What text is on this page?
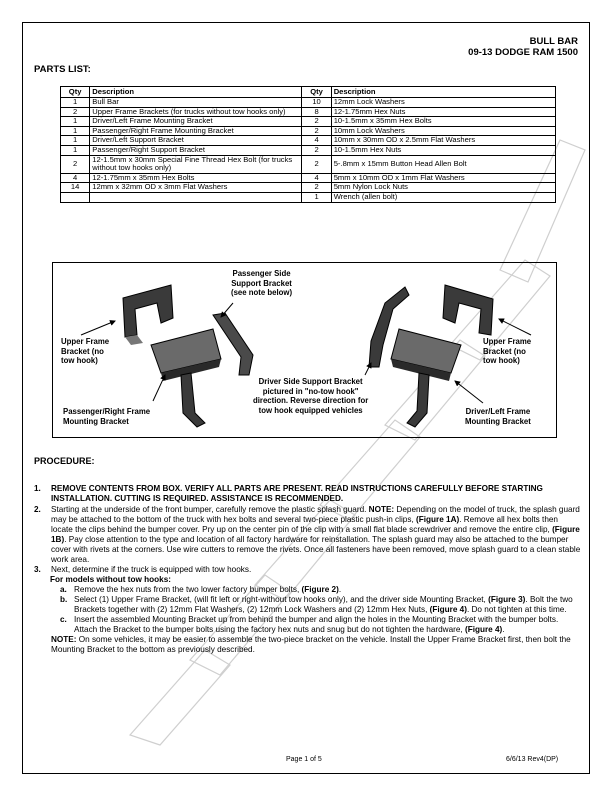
BULL BAR
09-13 DODGE RAM 1500
PARTS LIST:
Qty	Description	Qty	Description
1	Bull Bar	10	12mm Lock Washers
2	Upper Frame Brackets (for trucks without tow hooks only)	8	12-1.75mm Hex Nuts
1	Driver/Left Frame Mounting Bracket	2	10-1.5mm x 35mm Hex Bolts
1	Passenger/Right Frame Mounting Bracket	2	10mm Lock Washers
1	Driver/Left Support Bracket	4	10mm x 30mm OD x 2.5mm Flat Washers
1	Passenger/Right Support Bracket	2	10-1.5mm Hex Nuts
2	12-1.5mm x 30mm Special Fine Thread Hex Bolt (for trucks without tow hooks only)	2	5-.8mm x 15mm Button Head Allen Bolt
4	12-1.75mm x 35mm Hex Bolts	4	5mm x 10mm OD x 1mm Flat Washers
14	12mm x 32mm OD x 3mm Flat Washers	2	5mm Nylon Lock Nuts
		1	Wrench (allen bolt)
Passenger Side
Support Bracket
(see note below)
Upper Frame
Bracket (no
tow hook)
Upper Frame
Bracket (no
tow hook)
Driver Side Support Bracket
pictured in "no-tow hook"
direction. Reverse direction for
tow hook equipped vehicles
Passenger/Right Frame
Mounting Bracket
Driver/Left Frame
Mounting Bracket
PROCEDURE:
1. REMOVE CONTENTS FROM BOX. VERIFY ALL PARTS ARE PRESENT. READ INSTRUCTIONS CAREFULLY BEFORE STARTING INSTALLATION. CUTTING IS REQUIRED. ASSISTANCE IS RECOMMENDED.
2. Starting at the underside of the front bumper, carefully remove the plastic splash guard. NOTE: Depending on the model of truck, the splash guard may be attached to the bottom of the truck with hex bolts and several two-piece plastic push-in clips, (Figure 1A). Remove all hex bolts then locate the clips behind the bumper cover. Pry up on the center pin of the clip with a small flat blade screwdriver and remove the entire clip, (Figure 1B). Pay close attention to the type and location of all factory hardware for reinstallation. The splash guard may also be attached to the bumper cover with rivets at the corners. Use wire cutters to remove the rivets. Once all fasteners have been removed, move splash guard to a clean stable work area.
3. Next, determine if the truck is equipped with tow hooks.
For models without tow hooks:
a. Remove the hex nuts from the two lower factory bumper bolts, (Figure 2).
b. Select (1) Upper Frame Bracket, (will fit left or right-without tow hooks only), and the driver side Mounting Bracket, (Figure 3). Bolt the two Brackets together with (2) 12mm Flat Washers, (2) 12mm Lock Washers and (2) 12mm Hex Nuts, (Figure 4). Do not tighten at this time.
c. Insert the assembled Mounting Bracket up from behind the bumper and align the holes in the Mounting Bracket with the bumper bolts. Attach the Bracket to the bumper bolts using the factory hex nuts and snug but do not tighten the hardware, (Figure 4).
NOTE: On some vehicles, it may be easier to assemble the two-piece bracket on the vehicle. Install the Upper Frame Bracket first, then bolt the Mounting Bracket to the bottom as previously described.
Page 1 of 5	6/6/13 Rev4(DP)
